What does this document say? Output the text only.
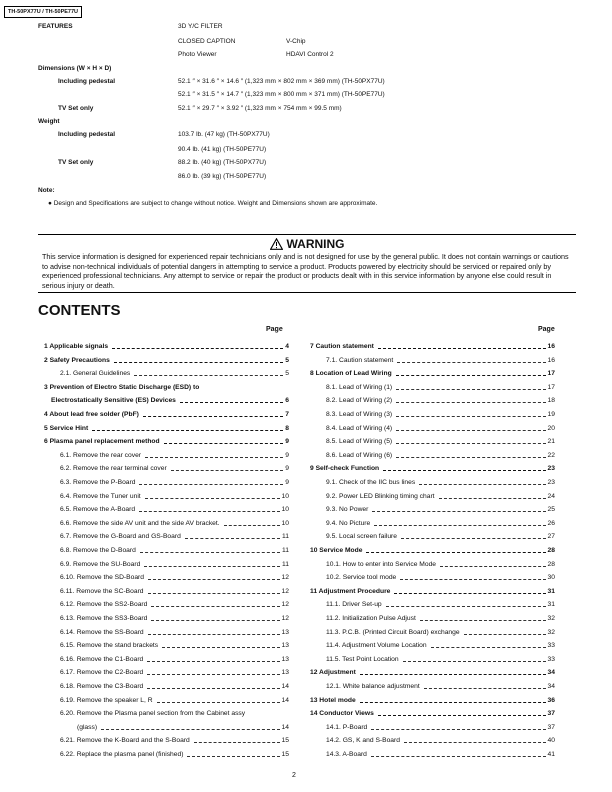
TH-50PX77U / TH-50PE77U
FEATURES	3D Y/C FILTER
CLOSED CAPTION	V-Chip
Photo Viewer	HDAVI Control 2
Dimensions (W × H × D)
Including pedestal	52.1 ″ × 31.6 ″ × 14.6 ″ (1,323 mm × 802 mm × 369 mm) (TH-50PX77U)
52.1 ″ × 31.5 ″ × 14.7 ″ (1,323 mm × 800 mm × 371 mm) (TH-50PE77U)
TV Set only	52.1 ″ × 29.7 ″ × 3.92 ″ (1,323 mm × 754 mm × 99.5 mm)
Weight
Including pedestal	103.7 lb. (47 kg) (TH-50PX77U)
90.4 lb. (41 kg) (TH-50PE77U)
TV Set only	88.2 lb. (40 kg) (TH-50PX77U)
86.0 lb. (39 kg) (TH-50PE77U)
Note:
● Design and Specifications are subject to change without notice. Weight and Dimensions shown are approximate.
WARNING
This service information is designed for experienced repair technicians only and is not designed for use by the general public. It does not contain warnings or cautions to advise non-technical individuals of potential dangers in attempting to service a product. Products powered by electricity should be serviced or repaired only by experienced professional technicians. Any attempt to service or repair the product or products dealt with in this service information by anyone else could result in serious injury or death.
CONTENTS
Page	Page
1 Applicable signals	4
2 Safety Precautions	5
2.1. General Guidelines	5
3 Prevention of Electro Static Discharge (ESD) to
Electrostatically Sensitive (ES) Devices	6
4 About lead free solder (PbF)	7
5 Service Hint	8
6 Plasma panel replacement method	9
6.1. Remove the rear cover	9
6.2. Remove the rear terminal cover	9
6.3. Remove the P-Board	9
6.4. Remove the Tuner unit	10
6.5. Remove the A-Board	10
6.6. Remove the side AV unit and the side AV bracket.	10
6.7. Remove the G-Board and GS-Board	11
6.8. Remove the D-Board	11
6.9. Remove the SU-Board	11
6.10. Remove the SD-Board	12
6.11. Remove the SC-Board	12
6.12. Remove the SS2-Board	12
6.13. Remove the SS3-Board	12
6.14. Remove the SS-Board	13
6.15. Remove the stand brackets	13
6.16. Remove the C1-Board	13
6.17. Remove the C2-Board	13
6.18. Remove the C3-Board	14
6.19. Remove the speaker L, R	14
6.20. Remove the Plasma panel section from the Cabinet assy
(glass)	14
6.21. Remove the K-Board and the S-Board	15
6.22. Replace the plasma panel (finished)	15
7 Caution statement	16
7.1. Caution statement	16
8 Location of Lead Wiring	17
8.1. Lead of Wiring (1)	17
8.2. Lead of Wiring (2)	18
8.3. Lead of Wiring (3)	19
8.4. Lead of Wiring (4)	20
8.5. Lead of Wiring (5)	21
8.6. Lead of Wiring (6)	22
9 Self-check Function	23
9.1. Check of the IIC bus lines	23
9.2. Power LED Blinking timing chart	24
9.3. No Power	25
9.4. No Picture	26
9.5. Local screen failure	27
10 Service Mode	28
10.1. How to enter into Service Mode	28
10.2. Service tool mode	30
11 Adjustment Procedure	31
11.1. Driver Set-up	31
11.2. Initialization Pulse Adjust	32
11.3. P.C.B. (Printed Circuit Board) exchange	32
11.4. Adjustment Volume Location	33
11.5. Test Point Location	33
12 Adjustment	34
12.1. White balance adjustment	34
13 Hotel mode	36
14 Conductor Views	37
14.1. P-Board	37
14.2. GS, K and S-Board	40
14.3. A-Board	41
2
